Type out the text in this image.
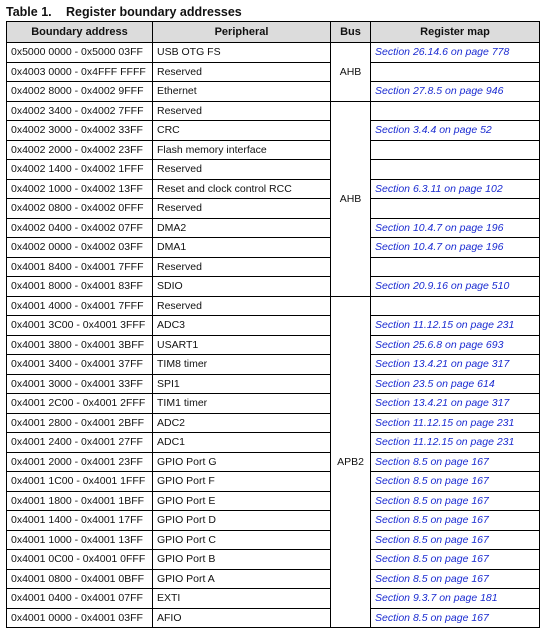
Table 1. Register boundary addresses
Boundary address	Peripheral	Bus	Register map
0x5000 0000 - 0x5000 03FF	USB OTG FS	AHB	Section 26.14.6 on page 778
0x4003 0000 - 0x4FFF FFFF	Reserved		
0x4002 8000 - 0x4002 9FFF	Ethernet		Section 27.8.5 on page 946
0x4002 3400 - 0x4002 7FFF	Reserved	AHB	
0x4002 3000 - 0x4002 33FF	CRC		Section 3.4.4 on page 52
0x4002 2000 - 0x4002 23FF	Flash memory interface		
0x4002 1400 - 0x4002 1FFF	Reserved		
0x4002 1000 - 0x4002 13FF	Reset and clock control RCC		Section 6.3.11 on page 102
0x4002 0800 - 0x4002 0FFF	Reserved		
0x4002 0400 - 0x4002 07FF	DMA2		Section 10.4.7 on page 196
0x4002 0000 - 0x4002 03FF	DMA1		Section 10.4.7 on page 196
0x4001 8400 - 0x4001 7FFF	Reserved		
0x4001 8000 - 0x4001 83FF	SDIO		Section 20.9.16 on page 510
0x4001 4000 - 0x4001 7FFF	Reserved	APB2	
0x4001 3C00 - 0x4001 3FFF	ADC3		Section 11.12.15 on page 231
0x4001 3800 - 0x4001 3BFF	USART1		Section 25.6.8 on page 693
0x4001 3400 - 0x4001 37FF	TIM8 timer		Section 13.4.21 on page 317
0x4001 3000 - 0x4001 33FF	SPI1		Section 23.5 on page 614
0x4001 2C00 - 0x4001 2FFF	TIM1 timer		Section 13.4.21 on page 317
0x4001 2800 - 0x4001 2BFF	ADC2		Section 11.12.15 on page 231
0x4001 2400 - 0x4001 27FF	ADC1		Section 11.12.15 on page 231
0x4001 2000 - 0x4001 23FF	GPIO Port G		Section 8.5 on page 167
0x4001 1C00 - 0x4001 1FFF	GPIO Port F		Section 8.5 on page 167
0x4001 1800 - 0x4001 1BFF	GPIO Port E		Section 8.5 on page 167
0x4001 1400 - 0x4001 17FF	GPIO Port D		Section 8.5 on page 167
0x4001 1000 - 0x4001 13FF	GPIO Port C		Section 8.5 on page 167
0x4001 0C00 - 0x4001 0FFF	GPIO Port B		Section 8.5 on page 167
0x4001 0800 - 0x4001 0BFF	GPIO Port A		Section 8.5 on page 167
0x4001 0400 - 0x4001 07FF	EXTI		Section 9.3.7 on page 181
0x4001 0000 - 0x4001 03FF	AFIO		Section 8.5 on page 167
